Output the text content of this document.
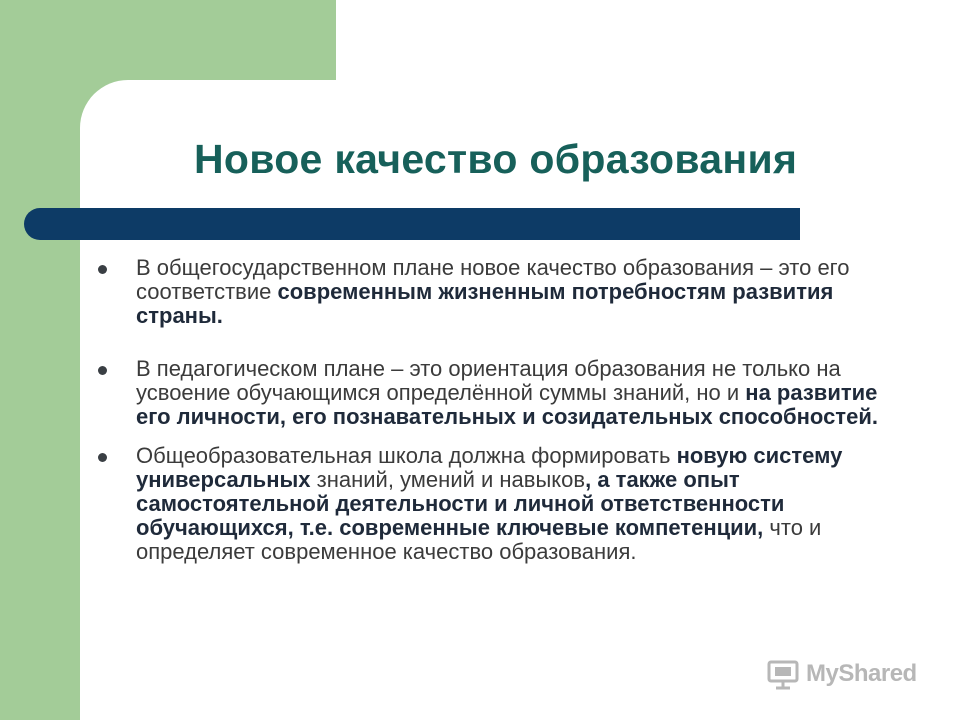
Новое качество образования
В общегосударственном плане новое качество образования – это его соответствие современным жизненным потребностям развития страны.
В педагогическом плане – это ориентация образования не только на усвоение обучающимся определённой суммы знаний, но и на развитие его личности, его познавательных и созидательных способностей.
Общеобразовательная школа должна формировать новую систему универсальных знаний, умений и навыков, а также опыт самостоятельной деятельности и личной ответственности обучающихся, т.е. современные ключевые компетенции, что и определяет современное качество образования.
MyShared
